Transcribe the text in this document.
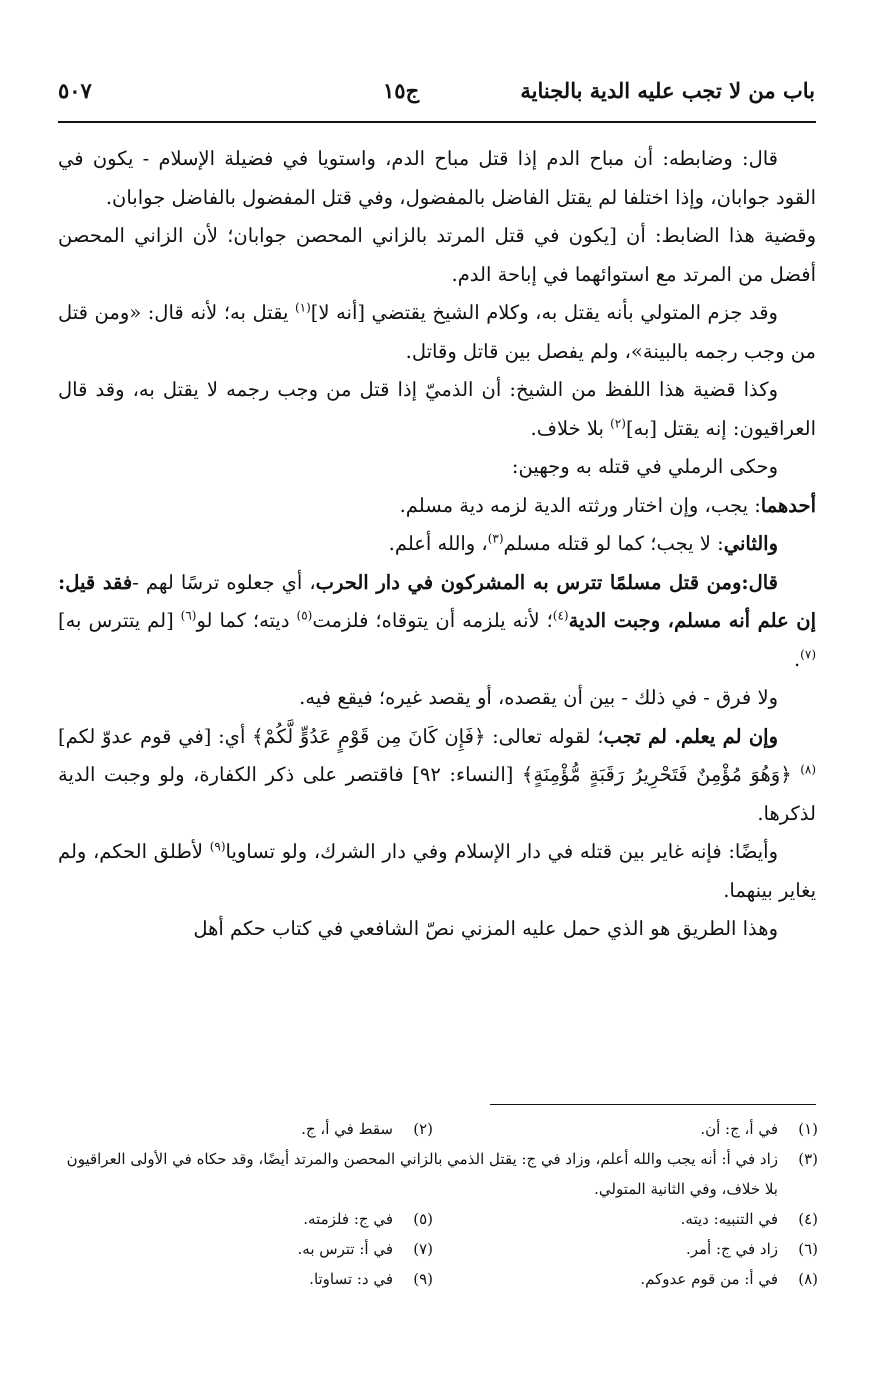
باب من لا تجب عليه الدية بالجناية
ج١٥
٥٠٧

قال: وضابطه: أن مباح الدم إذا قتل مباح الدم، واستويا في فضيلة الإسلام - يكون في القود جوابان، وإذا اختلفا لم يقتل الفاضل بالمفضول، وفي قتل المفضول بالفاضل جوابان.

وقضية هذا الضابط: أن [يكون في قتل المرتد بالزاني المحصن جوابان؛ لأن الزاني المحصن أفضل من المرتد مع استوائهما في إباحة الدم.

وقد جزم المتولي بأنه يقتل به، وكلام الشيخ يقتضي [أنه لا]$^{(١)}$ يقتل به؛ لأنه قال: «ومن قتل من وجب رجمه بالبينة»، ولم يفصل بين قاتل وقاتل.

وكذا قضية هذا اللفظ من الشيخ: أن الذميّ إذا قتل من وجب رجمه لا يقتل به، وقد قال العراقيون: إنه يقتل [به]$^{(٢)}$ بلا خلاف.

وحكى الرملي في قتله به وجهين:

أحدهما: يجب، وإن اختار ورثته الدية لزمه دية مسلم.

والثاني: لا يجب؛ كما لو قتله مسلم$^{(٣)}$، والله أعلم.

قال:ومن قتل مسلمًا تترس به المشركون في دار الحرب، أي جعلوه ترسًا لهم -فقد قيل: إن علم أنه مسلم، وجبت الدية$^{(٤)}$؛ لأنه يلزمه أن يتوقاه؛ فلزمت$^{(٥)}$ ديته؛ كما لو$^{(٦)}$ [لم يتترس به]$^{(٧)}$.

ولا فرق - في ذلك - بين أن يقصده، أو يقصد غيره؛ فيقع فيه.

وإن لم يعلم. لم تجب؛ لقوله تعالى: ﴿فَإِن كَانَ مِن قَوْمٍ عَدُوٍّ لَّكُمْ﴾ أي: [في قوم عدوّ لكم]$^{(٨)}$ ﴿وَهُوَ مُؤْمِنٌ فَتَحْرِيرُ رَقَبَةٍ مُّؤْمِنَةٍ﴾ [النساء: ٩٢] فاقتصر على ذكر الكفارة، ولو وجبت الدية لذكرها.

وأيضًا: فإنه غاير بين قتله في دار الإسلام وفي دار الشرك، ولو تساويا$^{(٩)}$ لأطلق الحكم، ولم يغاير بينهما.

وهذا الطريق هو الذي حمل عليه المزني نصّ الشافعي في كتاب حكم أهل

(١)في أ، ج: أن.
(٢)سقط في أ، ج.
(٣)
زاد في أ: أنه يجب والله أعلم، وزاد في ج: يقتل الذمي بالزاني المحصن والمرتد أيضًا، وقد حكاه في الأولى العراقيون بلا خلاف، وفي الثانية المتولي.
(٤)في التنبيه: ديته.
(٥)في ج: فلزمته.
(٦)زاد في ج: أمر.
(٧)في أ: تترس به.
(٨)في أ: من قوم عدوكم.
(٩)في د: تساوتا.
